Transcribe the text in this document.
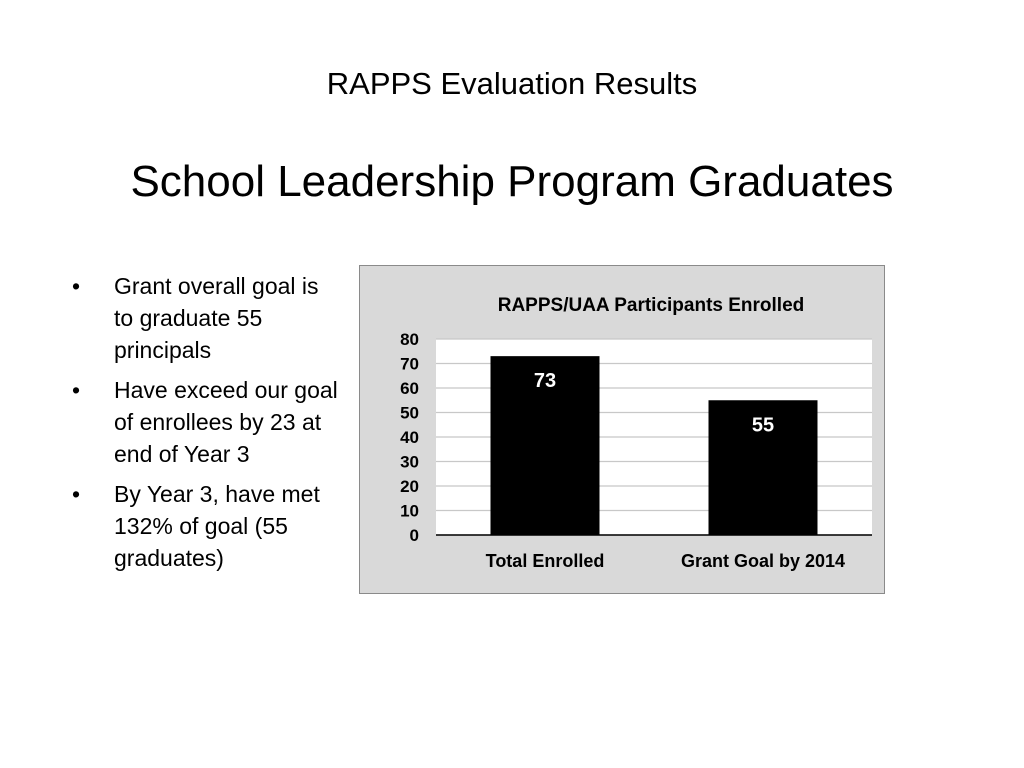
RAPPS Evaluation Results
School Leadership Program Graduates
• Grant overall goal is to graduate 55 principals
• Have exceed our goal of enrollees by 23 at end of Year 3
• By Year 3, have met 132% of goal (55 graduates)
0
10
20
30
40
50
60
70
80
73
Total Enrolled
55
Grant Goal by 2014
RAPPS/UAA Participants Enrolled
